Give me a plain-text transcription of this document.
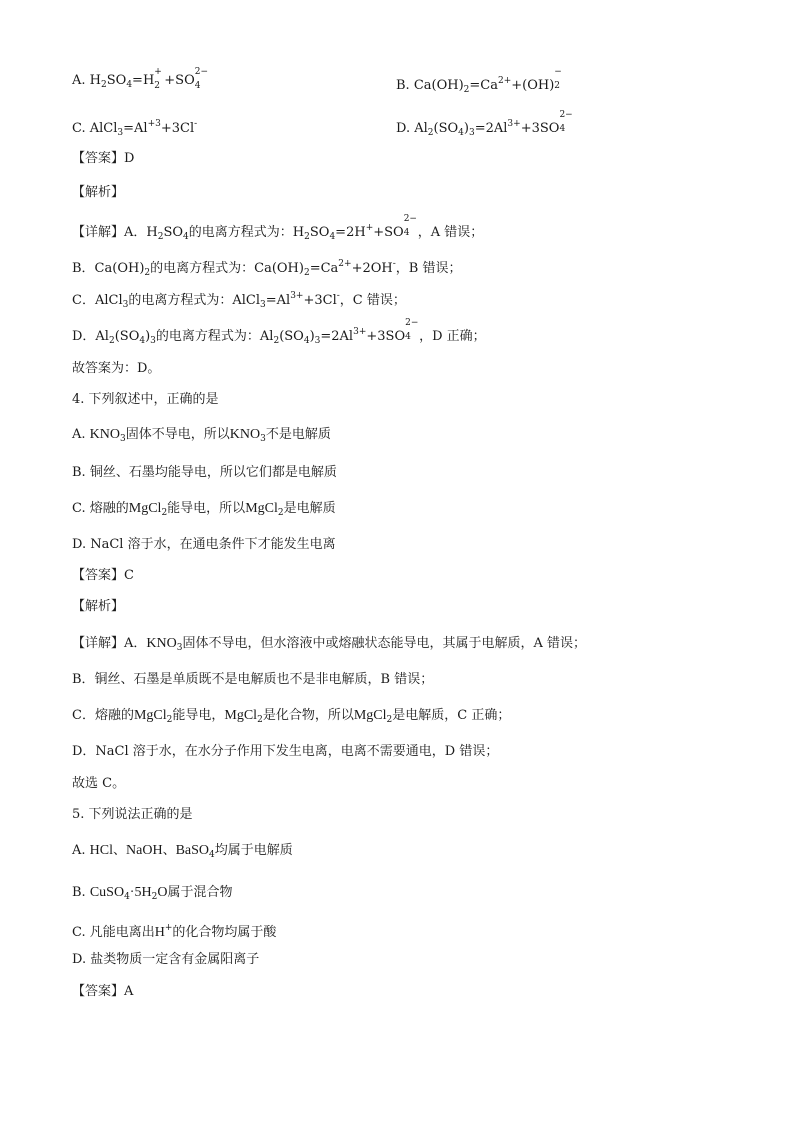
A. $H_2SO_4=H$
+
2 +SO
2−
4	B. $Ca(OH)_2=Ca^{2+}+(OH)$
−
2
C. $AlCl_3=Al^{+3}+3Cl^-$	D. $Al_2(SO_4)_3=2Al^{3+}+3SO$
2−
4
【答案】D
【解析】
【详解】A．$H_2SO_4$的电离方程式为：$H_2SO_4=2H^++SO$
2−
4 ，A 错误；
B．$Ca(OH)_2$的电离方程式为：$Ca(OH)_2=Ca^{2+}+2OH^-$，B 错误；
C．AlCl$_3$的电离方程式为：$AlCl_3=Al^{3+}+3Cl^-$，C 错误；
D．$Al_2(SO_4)_3$的电离方程式为：$Al_2(SO_4)_3=2Al^{3+}+3SO$
2−
4 ，D 正确；
故答案为：D。
4. 下列叙述中，正确的是
A. $KNO_3$固体不导电，所以$KNO_3$不是电解质
B. 铜丝、石墨均能导电，所以它们都是电解质
C. 熔融的MgCl$_2$能导电，所以MgCl$_2$是电解质
D. NaCl 溶于水，在通电条件下才能发生电离
【答案】C
【解析】
【详解】A．$KNO_3$固体不导电，但水溶液中或熔融状态能导电，其属于电解质，A 错误；
B．铜丝、石墨是单质既不是电解质也不是非电解质，B 错误；
C．熔融的MgCl$_2$能导电，MgCl$_2$是化合物，所以MgCl$_2$是电解质，C 正确；
D．NaCl 溶于水，在水分子作用下发生电离，电离不需要通电，D 错误；
故选 C。
5. 下列说法正确的是
A. HCl、NaOH、BaSO$_4$均属于电解质
B. $CuSO_4\cdot 5H_2O$属于混合物
C. 凡能电离出H+的化合物均属于酸
D. 盐类物质一定含有金属阳离子
【答案】A
